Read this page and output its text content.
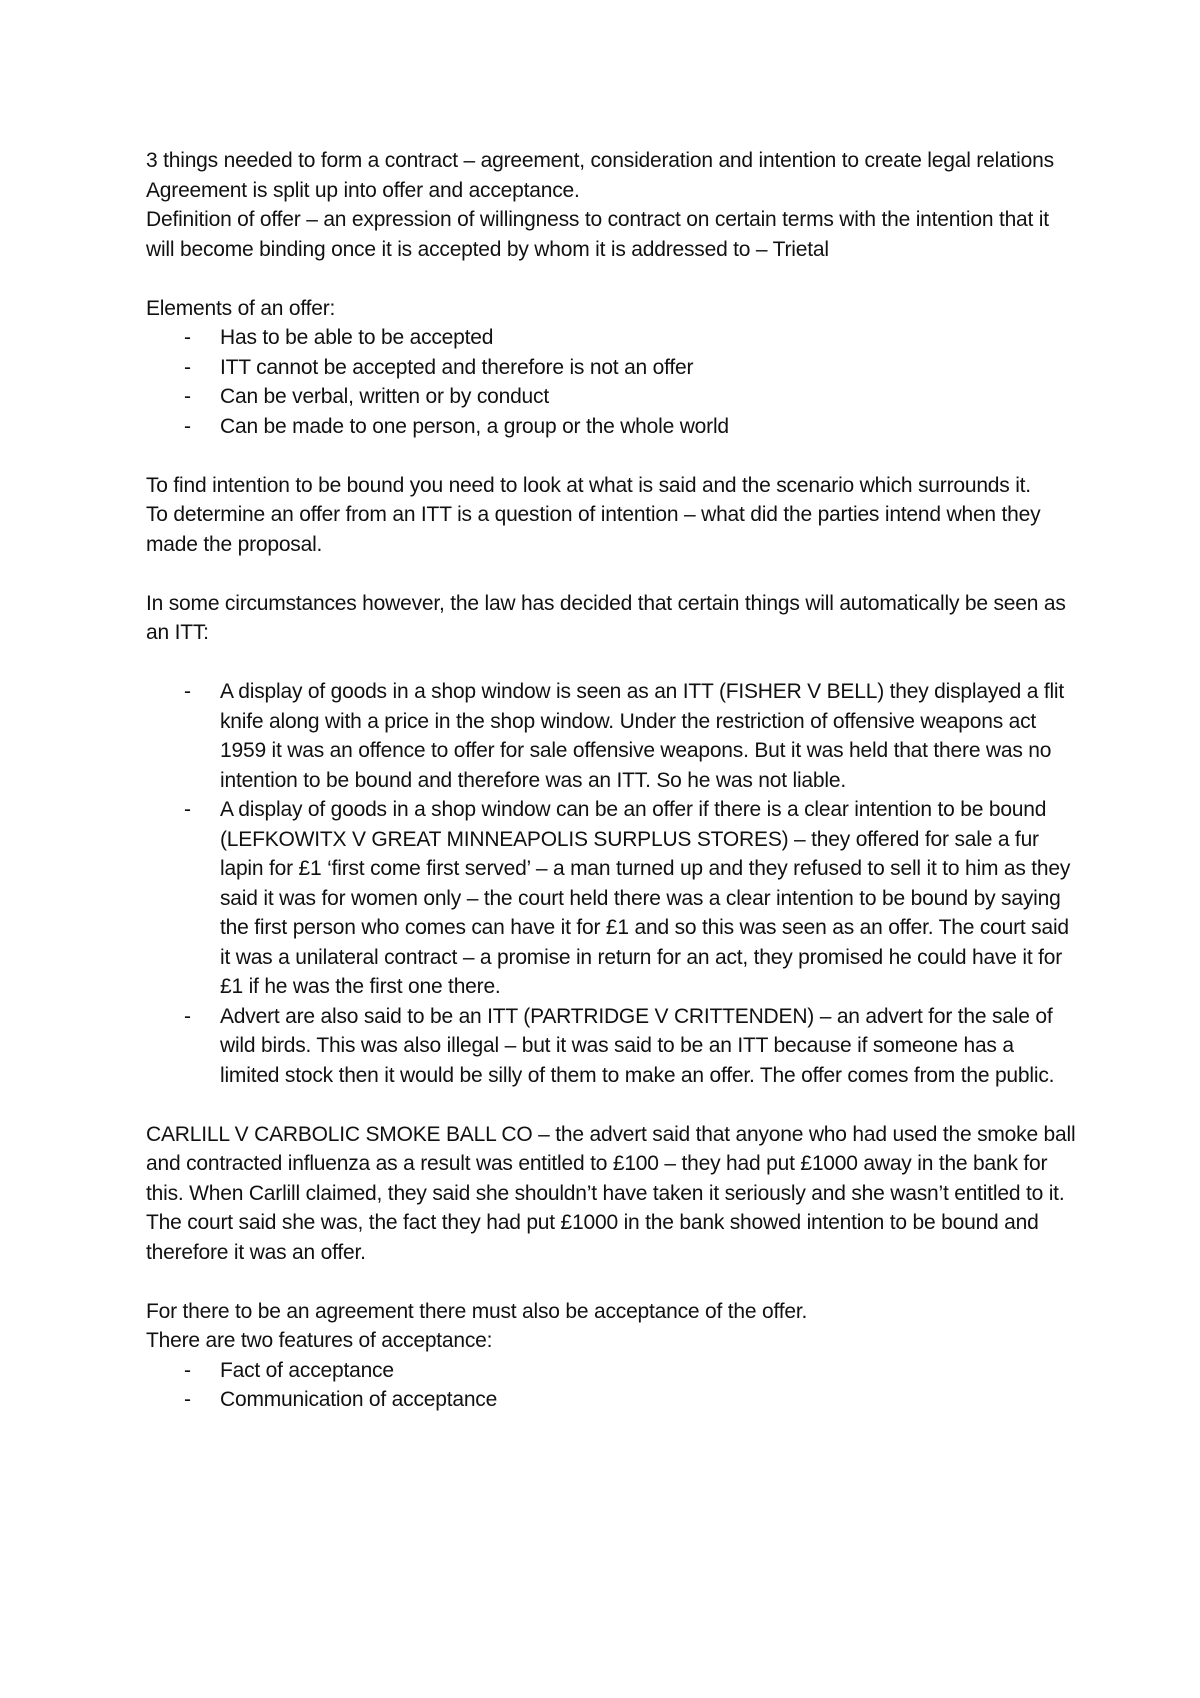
3 things needed to form a contract – agreement, consideration and intention to create legal relations

Agreement is split up into offer and acceptance.

Definition of offer – an expression of willingness to contract on certain terms with the intention that it will become binding once it is accepted by whom it is addressed to – Trietal

Elements of an offer:

- Has to be able to be accepted
- ITT cannot be accepted and therefore is not an offer
- Can be verbal, written or by conduct
- Can be made to one person, a group or the whole world

To find intention to be bound you need to look at what is said and the scenario which surrounds it.

To determine an offer from an ITT is a question of intention – what did the parties intend when they made the proposal.

In some circumstances however, the law has decided that certain things will automatically be seen as an ITT:

- A display of goods in a shop window is seen as an ITT (FISHER V BELL) they displayed a flit knife along with a price in the shop window. Under the restriction of offensive weapons act 1959 it was an offence to offer for sale offensive weapons. But it was held that there was no intention to be bound and therefore was an ITT. So he was not liable.
- A display of goods in a shop window can be an offer if there is a clear intention to be bound (LEFKOWITX V GREAT MINNEAPOLIS SURPLUS STORES) – they offered for sale a fur lapin for £1 ‘first come first served’ – a man turned up and they refused to sell it to him as they said it was for women only – the court held there was a clear intention to be bound by saying the first person who comes can have it for £1 and so this was seen as an offer. The court said it was a unilateral contract – a promise in return for an act, they promised he could have it for £1 if he was the first one there.
- Advert are also said to be an ITT (PARTRIDGE V CRITTENDEN) – an advert for the sale of wild birds. This was also illegal – but it was said to be an ITT because if someone has a limited stock then it would be silly of them to make an offer. The offer comes from the public.

CARLILL V CARBOLIC SMOKE BALL CO – the advert said that anyone who had used the smoke ball and contracted influenza as a result was entitled to £100 – they had put £1000 away in the bank for this. When Carlill claimed, they said she shouldn’t have taken it seriously and she wasn’t entitled to it. The court said she was, the fact they had put £1000 in the bank showed intention to be bound and therefore it was an offer.

For there to be an agreement there must also be acceptance of the offer.

There are two features of acceptance:

- Fact of acceptance
- Communication of acceptance
